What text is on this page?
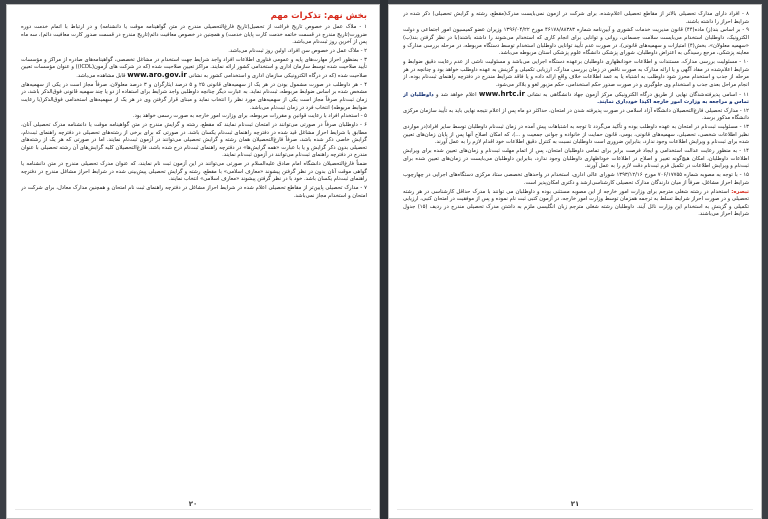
بخش نهم: تذکرات مهم

۱ - ملاک عمل در خصوص تاریخ فراغت از تحصیل(تاریخ فارغ‌التحصیلی مندرج در متن گواهینامه موقت یا دانشنامه) و در ارتباط با اتمام خدمت دوره ضرورت(تاریخ مندرج در قسمت خاتمه خدمت کارت پایان خدمت) و همچنین در خصوص معافیت دائم(تاریخ مندرج در قسمت صدور کارت معافیت دائم)، سه ماه پس از آخرین روز ثبت‌نام می‌باشد.

۲ - ملاک عمل در خصوص سن افراد، اولین روز ثبت‌نام می‌باشد.

۳ - بمنظور احراز مهارت‌های پایه و عمومی فناوری اطلاعات افراد واجد شرایط جهت استخدام در مشاغل تخصصی، گواهینامه‌های صادره از مراکز و مؤسسات تأیید صلاحیت شده توسط سازمان اداری و استخدامی کشور ارائه نمایند. مراکز تعیین صلاحیت شده (که در شرکت های آزمون(ICDL)) و عنوان مؤسسات تعیین صلاحیت شده (که در درگاه الکترونیکی سازمان اداری و استخدامی کشور به نشانی www.aro.gov.ir قابل مشاهده می‌باشد.

۴ - هر داوطلب در صورت مشمول بودن در هر یک از سهمیه‌های قانونی ۲۵ و ۵ درصد ایثارگران و ۳ درصد معلولان، صرفاً مجاز است در یکی از سهمیه‌های مشخص شده بر اساس ضوابط مربوطه، ثبت‌نام نماید. به عبارت دیگر چنانچه داوطلبی واجد شرایط برای استفاده از دو یا چند سهمیه قانونی فوق‌الذکر باشد، در زمان ثبت‌نام صرفاً مجاز است یکی از سهمیه‌های مورد نظر را انتخاب نماید و مبنای قرار گرفتن وی در هر یک از سهمیه‌های استخدامی فوق‌الذکر(با رعایت ضوابط مربوطه) انتخاب فرد در زمان ثبت‌نام می‌باشد.

۵ - استخدام افراد با رعایت قوانین و مقررات مربوطه، برای وزارت امور خارجه به صورت رسمی خواهد بود.

۶ - داوطلبان صرفاً در صورتی می‌توانند در امتحان ثبت‌نام نمایند که مقطع، رشته و گرایش مندرج در متن گواهینامه موقت یا دانشنامه مدرک تحصیلی آنان، مطابق با شرایط احراز مشاغل قید شده در دفترچه راهنمای ثبت‌نام یکسان باشد. در صورتی که برای برخی از رشته‌های تحصیلی در دفترچه راهنمای ثبت‌نام، گرایش خاصی ذکر شده باشد، صرفاً فارغ‌التحصیلان همان رشته و گرایش تحصیلی می‌توانند در آزمون ثبت‌نام نمایند. اما در صورتی که هر یک از رشته‌های تحصیلی بدون ذکر گرایش و یا با عبارت «همه گرایش‌ها» در دفترچه راهنمای ثبت‌نام درج شده باشد، فارغ‌التحصیلان کلیه گرایش‌های آن رشته تحصیلی با عنوان مندرج در دفترچه راهنمای ثبت‌نام می‌توانند در آزمون ثبت‌نام نمایند.

ضمناً فارغ‌التحصیلان دانشگاه امام صادق علیه‌السلام در صورتی می‌توانند در این آزمون ثبت نام نمایند، که عنوان مدرک تحصیلی مندرج در متن دانشنامه یا گواهی موقت آنان بدون در نظر گرفتن پیشوند «معارف اسلامی» با مقطع، رشته و گرایش تحصیلی پیش‌بینی شده در شرایط احراز مشاغل مندرج در دفترچه راهنمای ثبت‌نام یکسان باشد. خود با در نظر گرفتن پیشوند «معارف اسلامی» انتخاب نمایند.

۷ - مدارک تحصیلی پایین‌تر از مقاطع تحصیلی اعلام شده در شرایط احراز مشاغل در دفترچه راهنمای ثبت نام امتحان و همچنین مدارک معادل، برای شرکت در امتحان و استخدام مجاز نمی‌باشد.

۲۰

۸ - افراد دارای مدارک تحصیلی بالاتر از مقاطع تحصیلی اعلام‌شده، برای شرکت در آزمون نمی‌بایست مدرک(مقطع، رشته و گرایش تحصیلی) ذکر شده در شرایط احراز را داشته باشند.

۹ - بر اساس بند(ز) ماده(۴۴) قانون مدیریت خدمات کشوری و آیین‌نامه شماره ۴۶۱۷۸/۸۸۳۸۳ مورخ ۱۳۹۶/۰۴/۲۲ وزیران عضو کمیسیون امور اجتماعی و دولت الکترونیک، داوطلبان استخدام می‌بایست سلامت جسمانی، روانی و توانایی برای انجام کاری که استخدام می‌شوند را داشته باشند(با در نظر گرفتن بند(ب) «سهمیه معلولان»، بخش(۴) امتیازات و سهمیه‌های قانونی)، در صورت عدم تأیید توانایی داوطلبان استخدام توسط دستگاه مربوطه، در مرحله بررسی مدارک و معاینه پزشکی، مرجع رسیدگی به اعتراض داوطلبان، شورای پزشکی دانشگاه علوم پزشکی استان مربوطه می‌باشد.

۱۰ - مسئولیت بررسی مدارک، مستندات و اطلاعات خودانظهاری داوطلبان برعهده دستگاه اجرایی می‌باشد و مسئولیت ناشی از عدم رعایت دقیق ضوابط و شرایط اعلام‌شده در مفاد آگهی و یا ارائه مدارک به صورت ناقص در زمان بررسی مدارک، ارزیابی تکمیلی و گزینش به عهده داوطلب خواهد بود و چنانچه در هر مرحله از جذب و استخدام محرز شود داوطلب به اشتباه یا به عمد اطلاعات خلاف واقع ارائه داده و یا فاقد شرایط مندرج در دفترچه راهنمای ثبت‌نام بوده، از انجام مراحل بعدی جذب و استخدام وی جلوگیری و در صورت صدور حکم استخدامی، حکم مزبور لغو و بلااثر می‌شود.

۱۱ - اسامی پذیرفته‌شدگان نهایی از طریق درگاه الکترونیکی مرکز آزمون جهاد دانشگاهی به نشانی www.hrtc.ir اعلام خواهد شد و داوطلبان از تماس و مراجعه به وزارت امور خارجه اکیدا خودداری نمایند.

۱۲ - مدارک تحصیلی فارغ‌التحصیلان دانشگاه آزاد اسلامی در صورت پذیرفته شدن در امتحان، حداکثر دو ماه پس از اعلام نتیجه نهایی باید به تأیید سازمان مرکزی دانشگاه مذکور برسد.

۱۳ - مسئولیت ثبت‌نام در امتحان به عهده داوطلب بوده و تأکید می‌گردد تا توجه به اشتباهات پیش آمده در زمان ثبت‌نام داوطلبان توسط سایر افراد(در مواردی نظیر اطلاعات شخصی، تحصیلی، سهمیه‌های قانونی، بومی، قانون حمایت از خانواده و جوانی جمعیت و ...)، که امکان اصلاح آنها پس از پایان زمان‌های تعیین شده برای ثبت‌نام و ویرایش اطلاعات وجود ندارد، بنابراین ضروری است داوطلبان نسبت به کنترل دقیق اطلاعات خود اقدام لازم را به عمل آورند.

۱۴ - به منظور رعایت عدالت استخدامی و ایجاد فرصت برابر برای تمامی داوطلبان امتحان، پس از اتمام مهلت ثبت‌نام و زمان‌های تعیین شده برای ویرایش اطلاعات داوطلبان، امکان هیچ‌گونه تغییر و اصلاح در اطلاعات خوداظهاری داوطلبان وجود ندارد، بنابراین داوطلبان می‌بایست در زمان‌های تعیین شده برای ثبت‌نام و ویرایش اطلاعات در تکمیل فرم ثبت‌نام دقت لازم را به عمل آورند.

۱۵ - با توجه به مصوبه شماره ۷۰۶/۱۷۷۵۵ مورخ ۱۳۹۳/۱۲/۱۶ شورای عالی اداری، استخدام در واحدهای تخصصی ستاد مرکزی دستگاه‌های اجرایی در چهارچوب شرایط احراز مشاغل، صرفاً از میان دارندگان مدارک تحصیلی کارشناسی‌ارشد و دکتری امکان‌پذیر است.

تبصره: استخدام در رشته شغلی مترجم برای وزارت امور خارجه از این مصوبه مستثنی بوده و داوطلبان می توانند با مدرک حداقل کارشناسی در هر رشته تحصیلی و در صورت احراز شرایط تسلط به ترجمه همزمان توسط وزارت امور خارجه، در آزمون کتبی ثبت نام نموده و پس از موفقیت در امتحان کتبی، ارزیابی تکمیلی و گزینش به استخدام این وزارت نائل آیند. داوطلبان رشته شغلی مترجم زبان انگلیسی ملزم به داشتن مدرک تحصیلی مندرج در ردیف (۱۵) جدول شرایط احراز می‌باشند.

۲۱
